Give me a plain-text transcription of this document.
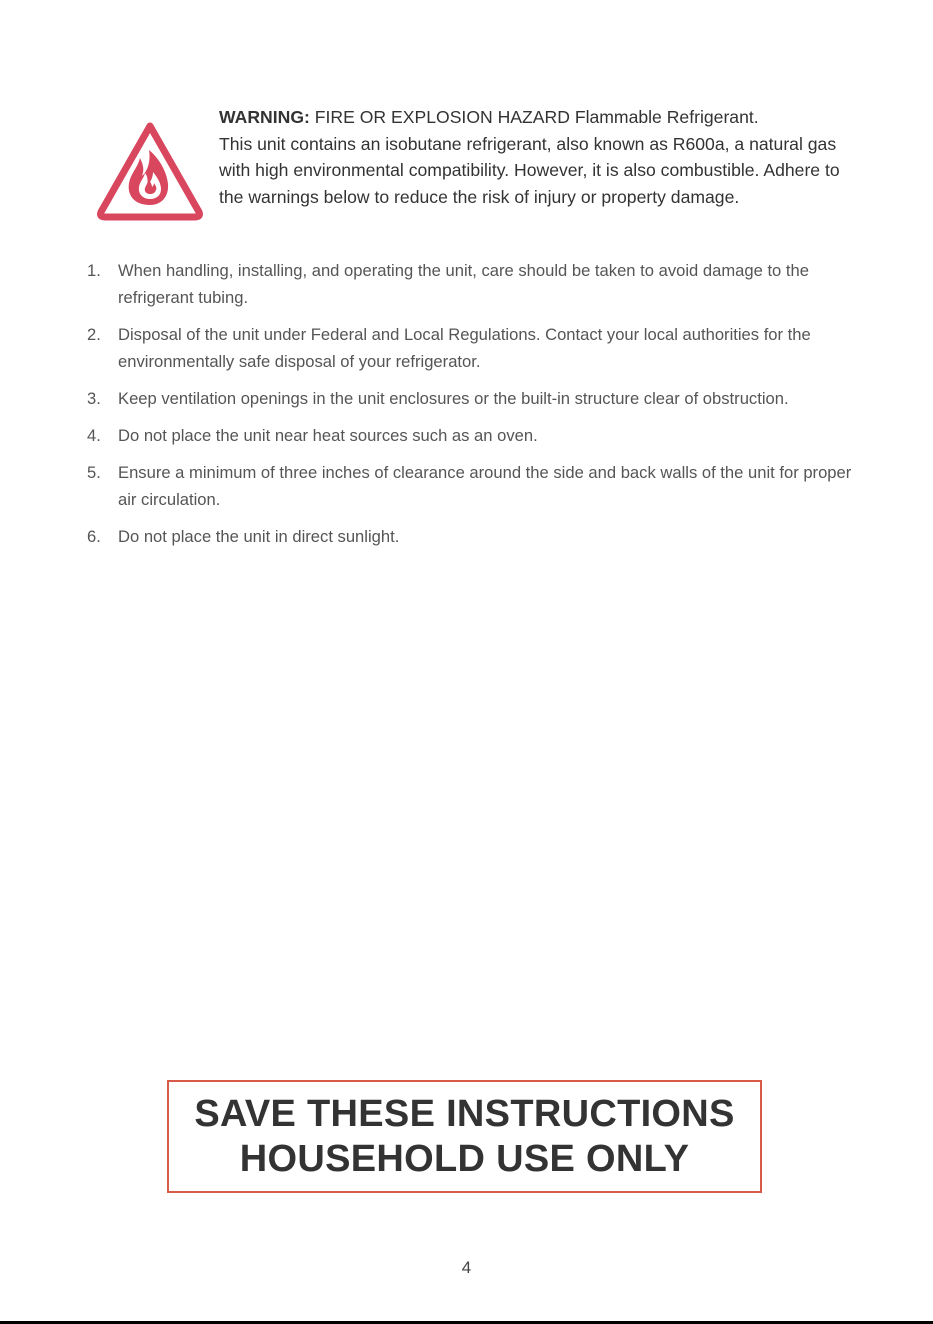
WARNING: FIRE OR EXPLOSION HAZARD Flammable Refrigerant.

This unit contains an isobutane refrigerant, also known as R600a, a natural gas with high environmental compatibility. However, it is also combustible. Adhere to the warnings below to reduce the risk of injury or property damage.

1. When handling, installing, and operating the unit, care should be taken to avoid damage to the refrigerant tubing.
2. Disposal of the unit under Federal and Local Regulations. Contact your local authorities for the environmentally safe disposal of your refrigerator.
3. Keep ventilation openings in the unit enclosures or the built-in structure clear of obstruction.
4. Do not place the unit near heat sources such as an oven.
5. Ensure a minimum of three inches of clearance around the side and back walls of the unit for proper air circulation.
6. Do not place the unit in direct sunlight.
SAVE THESE INSTRUCTIONS
HOUSEHOLD USE ONLY
4
